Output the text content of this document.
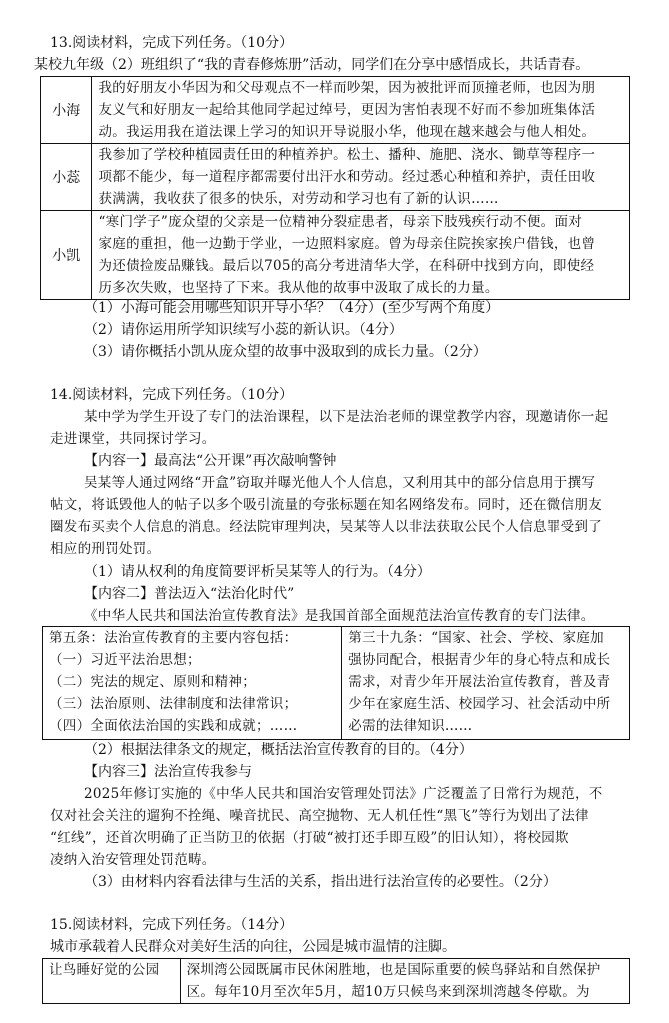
13.阅读材料，完成下列任务。（10分）
某校九年级（2）班组织了“我的青春修炼册”活动，同学们在分享中感悟成长，共话青春。
小海	我的好朋友小华因为和父母观点不一样而吵架，因为被批评而顶撞老师，也因为朋
友义气和好朋友一起给其他同学起过绰号，更因为害怕表现不好而不参加班集体活
动。我运用我在道法课上学习的知识开导说服小华，他现在越来越会与他人相处。

小蕊	我参加了学校种植园责任田的种植养护。松土、播种、施肥、浇水、锄草等程序一
项都不能少，每一道程序都需要付出汗水和劳动。经过悉心种植和养护，责任田收
获满满，我收获了很多的快乐，对劳动和学习也有了新的认识……

小凯	“寒门学子”庞众望的父亲是一位精神分裂症患者，母亲下肢残疾行动不便。面对
家庭的重担，他一边勤于学业，一边照料家庭。曾为母亲住院挨家挨户借钱，也曾
为还债捡废品赚钱。最后以705的高分考进清华大学，在科研中找到方向，即使经
历多次失败，也坚持了下来。我从他的故事中汲取了成长的力量。
（1）小海可能会用哪些知识开导小华？（4分）(至少写两个角度）
（2）请你运用所学知识续写小蕊的新认识。（4分）
（3）请你概括小凯从庞众望的故事中汲取到的成长力量。（2分）
14.阅读材料，完成下列任务。（10分）
某中学为学生开设了专门的法治课程，以下是法治老师的课堂教学内容，现邀请你一起
走进课堂，共同探讨学习。
【内容一】最高法“公开课”再次敲响警钟
吴某等人通过网络“开盒”窃取并曝光他人个人信息，又利用其中的部分信息用于撰写
帖文，将诋毁他人的帖子以多个吸引流量的夸张标题在知名网络发布。同时，还在微信朋友
圈发布买卖个人信息的消息。经法院审理判决，吴某等人以非法获取公民个人信息罪受到了
相应的刑罚处罚。
（1）请从权利的角度简要评析吴某等人的行为。（4分）
【内容二】普法迈入“法治化时代”
《中华人民共和国法治宣传教育法》是我国首部全面规范法治宣传教育的专门法律。
第五条：法治宣传教育的主要内容包括：
（一）习近平法治思想；
（二）宪法的规定、原则和精神；
（三）法治原则、法律制度和法律常识；
（四）全面依法治国的实践和成就；……

第三十九条：“国家、社会、学校、家庭加
强协同配合，根据青少年的身心特点和成长
需求，对青少年开展法治宣传教育，普及青
少年在家庭生活、校园学习、社会活动中所
必需的法律知识……
（2）根据法律条文的规定，概括法治宣传教育的目的。（4分）
【内容三】法治宣传我参与
2025年修订实施的《中华人民共和国治安管理处罚法》广泛覆盖了日常行为规范，不
仅对社会关注的遛狗不拴绳、噪音扰民、高空抛物、无人机任性“黑飞”等行为划出了法律
“红线”，还首次明确了正当防卫的依据（打破“被打还手即互殴”的旧认知），将校园欺
凌纳入治安管理处罚范畴。
（3）由材料内容看法律与生活的关系，指出进行法治宣传的必要性。（2分）
15.阅读材料，完成下列任务。（14分）
城市承载着人民群众对美好生活的向往，公园是城市温情的注脚。
让鸟睡好觉的公园	深圳湾公园既属市民休闲胜地，也是国际重要的候鸟驿站和自然保护
区。每年10月至次年5月，超10万只候鸟来到深圳湾越冬停歇。为
